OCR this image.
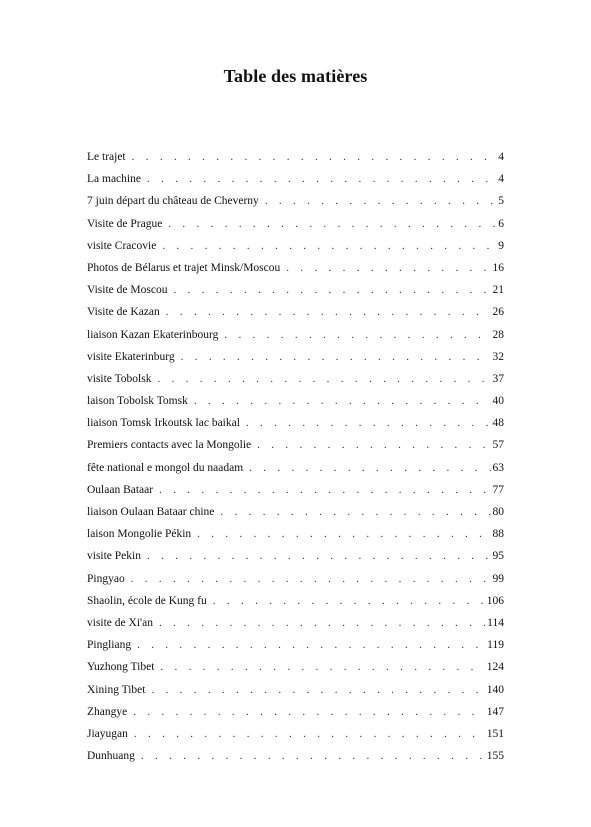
Table des matières
Le trajet . . .	4
La machine . . .	4
7 juin départ du château de Cheverny . . .	5
Visite de Prague . . .	6
visite Cracovie . . .	9
Photos de Bélarus et trajet Minsk/Moscou . . .	16
Visite de Moscou . . .	21
Visite de Kazan . . .	26
liaison Kazan Ekaterinbourg . . .	28
visite Ekaterinburg . . .	32
visite Tobolsk . . .	37
laison Tobolsk Tomsk . . .	40
liaison Tomsk Irkoutsk lac baikal . . .	48
Premiers contacts avec la Mongolie . . .	57
fête national e mongol du naadam . . .	63
Oulaan Bataar . . .	77
liaison Oulaan Bataar chine . . .	80
laison Mongolie Pékin . . .	88
visite Pekin . . .	95
Pingyao . . .	99
Shaolin, école de Kung fu . . .	106
visite de Xi'an . . .	114
Pingliang . . .	119
Yuzhong Tibet . . .	124
Xining Tibet . . .	140
Zhangye . . .	147
Jiayugan . . .	151
Dunhuang . . .	155
